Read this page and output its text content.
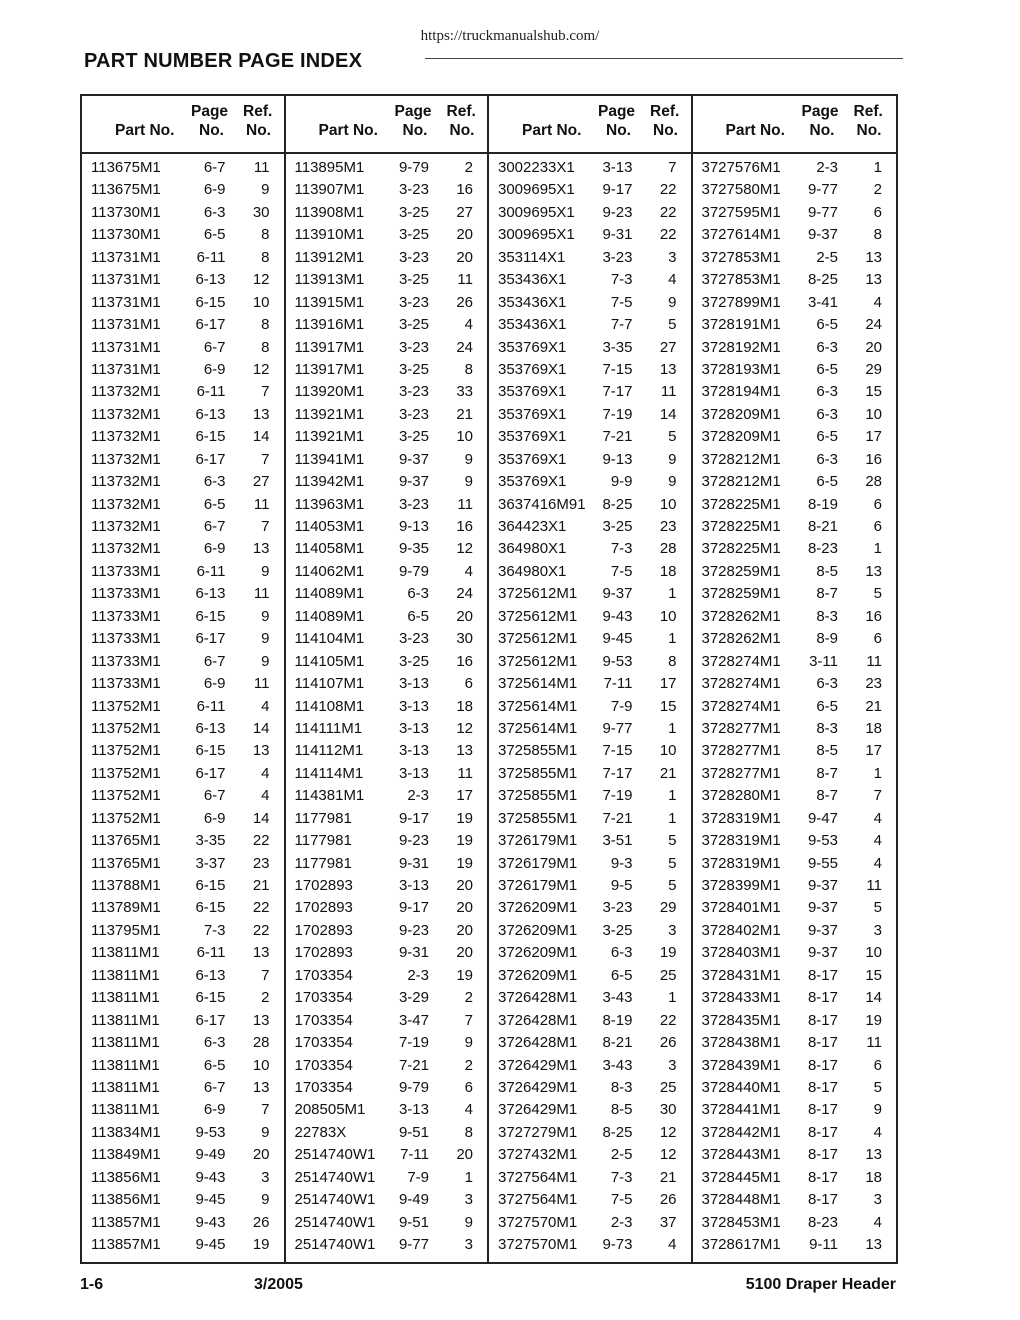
https://truckmanualshub.com/
PART NUMBER PAGE INDEX
Part No.
Page
No.
Ref.
No.
113675M1	6-7 11
113675M1	6-9 9
113730M1	6-3 30
113730M1	6-5 8
113731M1 6-11 8
113731M1 6-13 12
113731M1 6-15 10
113731M1 6-17 8
113731M1	6-7 8
113731M1	6-9 12
113732M1 6-11 7
113732M1 6-13 13
113732M1 6-15 14
113732M1 6-17 7
113732M1	6-3 27
113732M1	6-5 11
113732M1	6-7 7
113732M1	6-9 13
113733M1 6-11 9
113733M1 6-13 11
113733M1 6-15 9
113733M1 6-17 9
113733M1	6-7 9
113733M1	6-9 11
113752M1 6-11 4
113752M1 6-13 14
113752M1 6-15 13
113752M1 6-17 4
113752M1	6-7 4
113752M1	6-9 14
113765M1 3-35 22
113765M1 3-37 23
113788M1 6-15 21
113789M1 6-15 22
113795M1	7-3 22
113811M1 6-11 13
113811M1 6-13 7
113811M1 6-15 2
113811M1 6-17 13
113811M1	6-3 28
113811M1	6-5 10
113811M1	6-7 13
113811M1	6-9 7
113834M1 9-53 9
113849M1 9-49 20
113856M1 9-43 3
113856M1 9-45 9
113857M1 9-43 26
113857M1 9-45 19
Part No.
Page
No.
Ref.
No.
113895M1 9-79 2
113907M1 3-23 16
113908M1 3-25 27
113910M1 3-25 20
113912M1 3-23 20
113913M1 3-25 11
113915M1 3-23 26
113916M1 3-25 4
113917M1 3-23 24
113917M1 3-25 8
113920M1 3-23 33
113921M1 3-23 21
113921M1 3-25 10
113941M1 9-37 9
113942M1 9-37 9
113963M1 3-23 11
114053M1 9-13 16
114058M1 9-35 12
114062M1 9-79 4
114089M1	6-3 24
114089M1	6-5 20
114104M1 3-23 30
114105M1 3-25 16
114107M1 3-13 6
114108M1 3-13 18
114111M1 3-13 12
114112M1 3-13 13
114114M1 3-13 11
114381M1	2-3 17
1177981	9-17 19
1177981	9-23 19
1177981	9-31 19
1702893	3-13 20
1702893	9-17 20
1702893	9-23 20
1702893	9-31 20
1703354	2-3 19
1703354	3-29 2
1703354	3-47 7
1703354	7-19 9
1703354	7-21 2
1703354	9-79 6
208505M1 3-13 4
22783X	9-51 8
2514740W1 7-11 20
2514740W1 7-9 1
2514740W1 9-49 3
2514740W1 9-51 9
2514740W1 9-77 3
Part No.
Page
No.
Ref.
No.
3002233X1 3-13 7
3009695X1 9-17 22
3009695X1 9-23 22
3009695X1 9-31 22
353114X1 3-23 3
353436X1	7-3 4
353436X1	7-5 9
353436X1	7-7 5
353769X1 3-35 27
353769X1 7-15 13
353769X1 7-17 11
353769X1 7-19 14
353769X1 7-21 5
353769X1 9-13 9
353769X1	9-9 9
3637416M91 8-25 10
364423X1 3-25 23
364980X1	7-3 28
364980X1	7-5 18
3725612M1 9-37 1
3725612M1 9-43 10
3725612M1 9-45 1
3725612M1 9-53 8
3725614M1 7-11 17
3725614M1 7-9 15
3725614M1 9-77 1
3725855M1 7-15 10
3725855M1 7-17 21
3725855M1 7-19 1
3725855M1 7-21 1
3726179M1 3-51 5
3726179M1 9-3 5
3726179M1 9-5 5
3726209M1 3-23 29
3726209M1 3-25 3
3726209M1 6-3 19
3726209M1 6-5 25
3726428M1 3-43 1
3726428M1 8-19 22
3726428M1 8-21 26
3726429M1 3-43 3
3726429M1 8-3 25
3726429M1 8-5 30
3727279M1 8-25 12
3727432M1 2-5 12
3727564M1 7-3 21
3727564M1 7-5 26
3727570M1 2-3 37
3727570M1 9-73 4
Part No.
Page
No.
Ref.
No.
3727576M1 2-3 1
3727580M1 9-77 2
3727595M1 9-77 6
3727614M1 9-37 8
3727853M1 2-5 13
3727853M1 8-25 13
3727899M1 3-41 4
3728191M1 6-5 24
3728192M1 6-3 20
3728193M1 6-5 29
3728194M1 6-3 15
3728209M1 6-3 10
3728209M1 6-5 17
3728212M1 6-3 16
3728212M1 6-5 28
3728225M1 8-19 6
3728225M1 8-21 6
3728225M1 8-23 1
3728259M1 8-5 13
3728259M1 8-7 5
3728262M1 8-3 16
3728262M1 8-9 6
3728274M1 3-11 11
3728274M1 6-3 23
3728274M1 6-5 21
3728277M1 8-3 18
3728277M1 8-5 17
3728277M1 8-7 1
3728280M1 8-7 7
3728319M1 9-47 4
3728319M1 9-53 4
3728319M1 9-55 4
3728399M1 9-37 11
3728401M1 9-37 5
3728402M1 9-37 3
3728403M1 9-37 10
3728431M1 8-17 15
3728433M1 8-17 14
3728435M1 8-17 19
3728438M1 8-17 11
3728439M1 8-17 6
3728440M1 8-17 5
3728441M1 8-17 9
3728442M1 8-17 4
3728443M1 8-17 13
3728445M1 8-17 18
3728448M1 8-17 3
3728453M1 8-23 4
3728617M1 9-11 13
1-6	3/2005	5100 Draper Header
